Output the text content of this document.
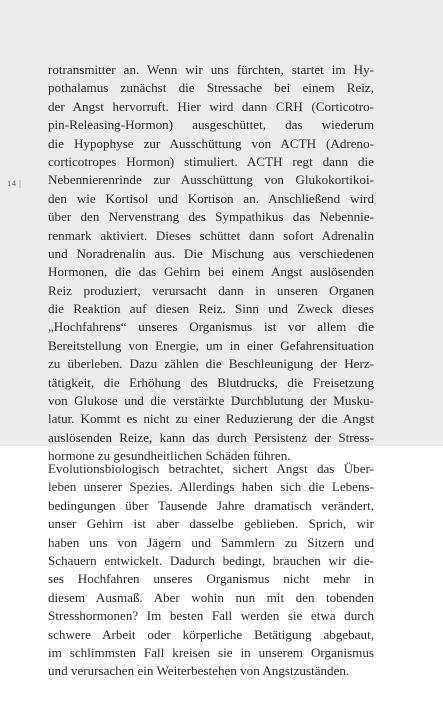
14 |
rotransmitter an. Wenn wir uns fürchten, startet im Hy-
pothalamus zunächst die Stressache bei einem Reiz,
der Angst hervorruft. Hier wird dann CRH (Corticotro-
pin-Releasing-Hormon) ausgeschüttet, das wiederum
die Hypophyse zur Ausschüttung von ACTH (Adreno-
corticotropes Hormon) stimuliert. ACTH regt dann die
Nebennierenrinde zur Ausschüttung von Glukokortikoi-
den wie Kortisol und Kortison an. Anschließend wird
über den Nervenstrang des Sympathikus das Nebennie-
renmark aktiviert. Dieses schüttet dann sofort Adrenalin
und Noradrenalin aus. Die Mischung aus verschiedenen
Hormonen, die das Gehirn bei einem Angst auslösenden
Reiz produziert, verursacht dann in unseren Organen
die Reaktion auf diesen Reiz. Sinn und Zweck dieses
„Hochfahrens“ unseres Organismus ist vor allem die
Bereitstellung von Energie, um in einer Gefahrensituation
zu überleben. Dazu zählen die Beschleunigung der Herz-
tätigkeit, die Erhöhung des Blutdrucks, die Freisetzung
von Glukose und die verstärkte Durchblutung der Musku-
latur. Kommt es nicht zu einer Reduzierung der die Angst
auslösenden Reize, kann das durch Persistenz der Stress-
hormone zu gesundheitlichen Schäden führen.
Evolutionsbiologisch betrachtet, sichert Angst das Über-
leben unserer Spezies. Allerdings haben sich die Lebens-
bedingungen über Tausende Jahre dramatisch verändert,
unser Gehirn ist aber dasselbe geblieben. Sprich, wir
haben uns von Jägern und Sammlern zu Sitzern und
Schauern entwickelt. Dadurch bedingt, brauchen wir die-
ses Hochfahren unseres Organismus nicht mehr in
diesem Ausmaß. Aber wohin nun mit den tobenden
Stresshormonen? Im besten Fall werden sie etwa durch
schwere Arbeit oder körperliche Betätigung abgebaut,
im schlimmsten Fall kreisen sie in unserem Organismus
und verursachen ein Weiterbestehen von Angstzuständen.
